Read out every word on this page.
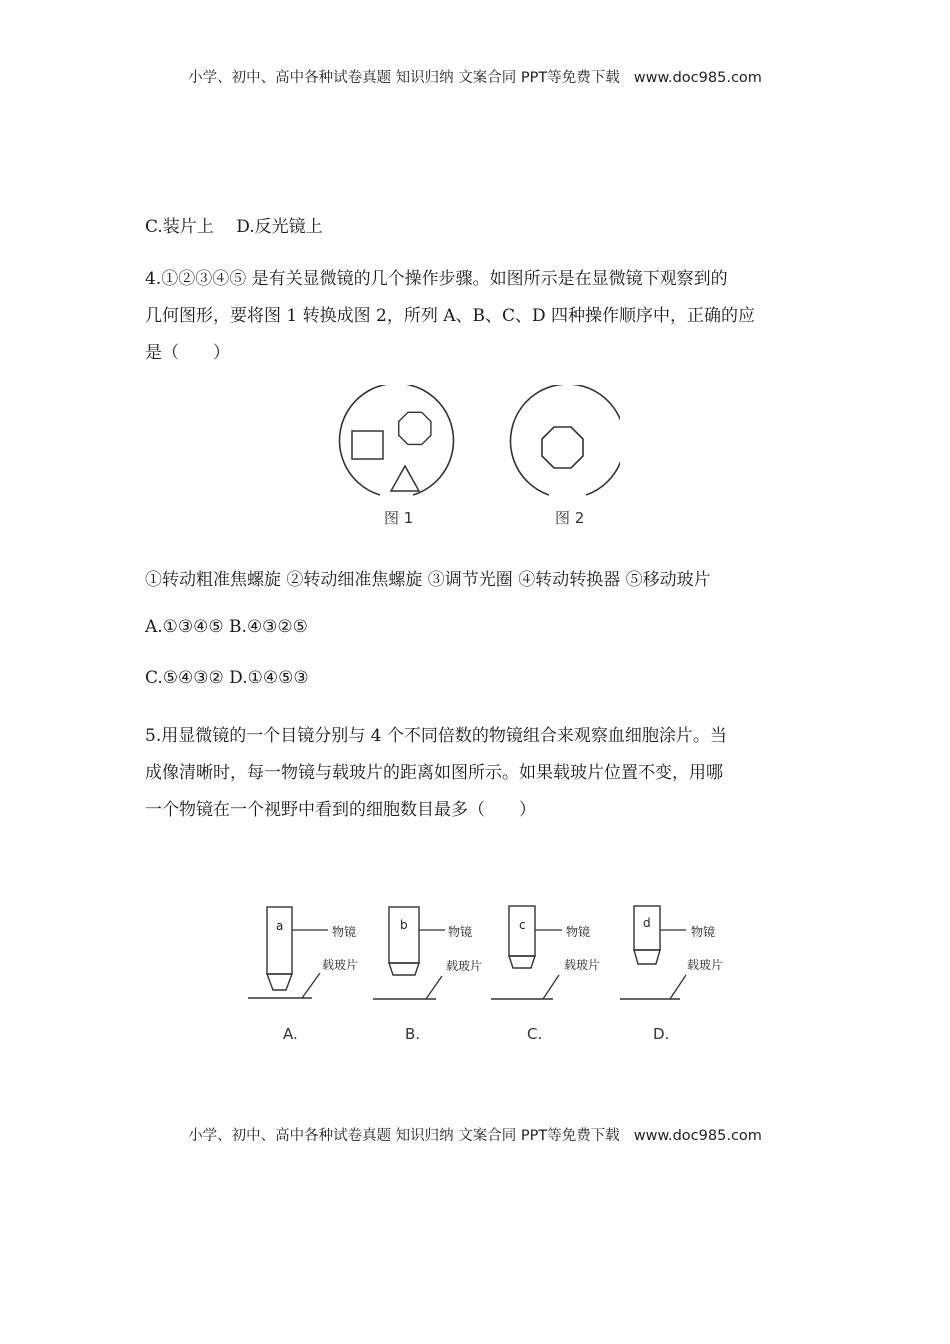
小学、初中、高中各种试卷真题 知识归纳 文案合同 PPT等免费下载 www.doc985.com
C.装片上　 D.反光镜上
4.①②③④⑤ 是有关显微镜的几个操作步骤。如图所示是在显微镜下观察到的
几何图形，要将图 1 转换成图 2，所列 A、B、C、D 四种操作顺序中，正确的应
是（　　）
图 1	图 2
①转动粗准焦螺旋 ②转动细准焦螺旋 ③调节光圈 ④转动转换器 ⑤移动玻片
A.①③④⑤ B.④③②⑤
C.⑤④③② D.①④⑤③
5.用显微镜的一个目镜分别与 4 个不同倍数的物镜组合来观察血细胞涂片。当
成像清晰时，每一物镜与载玻片的距离如图所示。如果载玻片位置不变，用哪
一个物镜在一个视野中看到的细胞数目最多（　　）
a	物镜
载玻片
b	物镜
载玻片
c	物镜
载玻片
d
物镜
载玻片
A.	B.	C.	D.
小学、初中、高中各种试卷真题 知识归纳 文案合同 PPT等免费下载 www.doc985.com
